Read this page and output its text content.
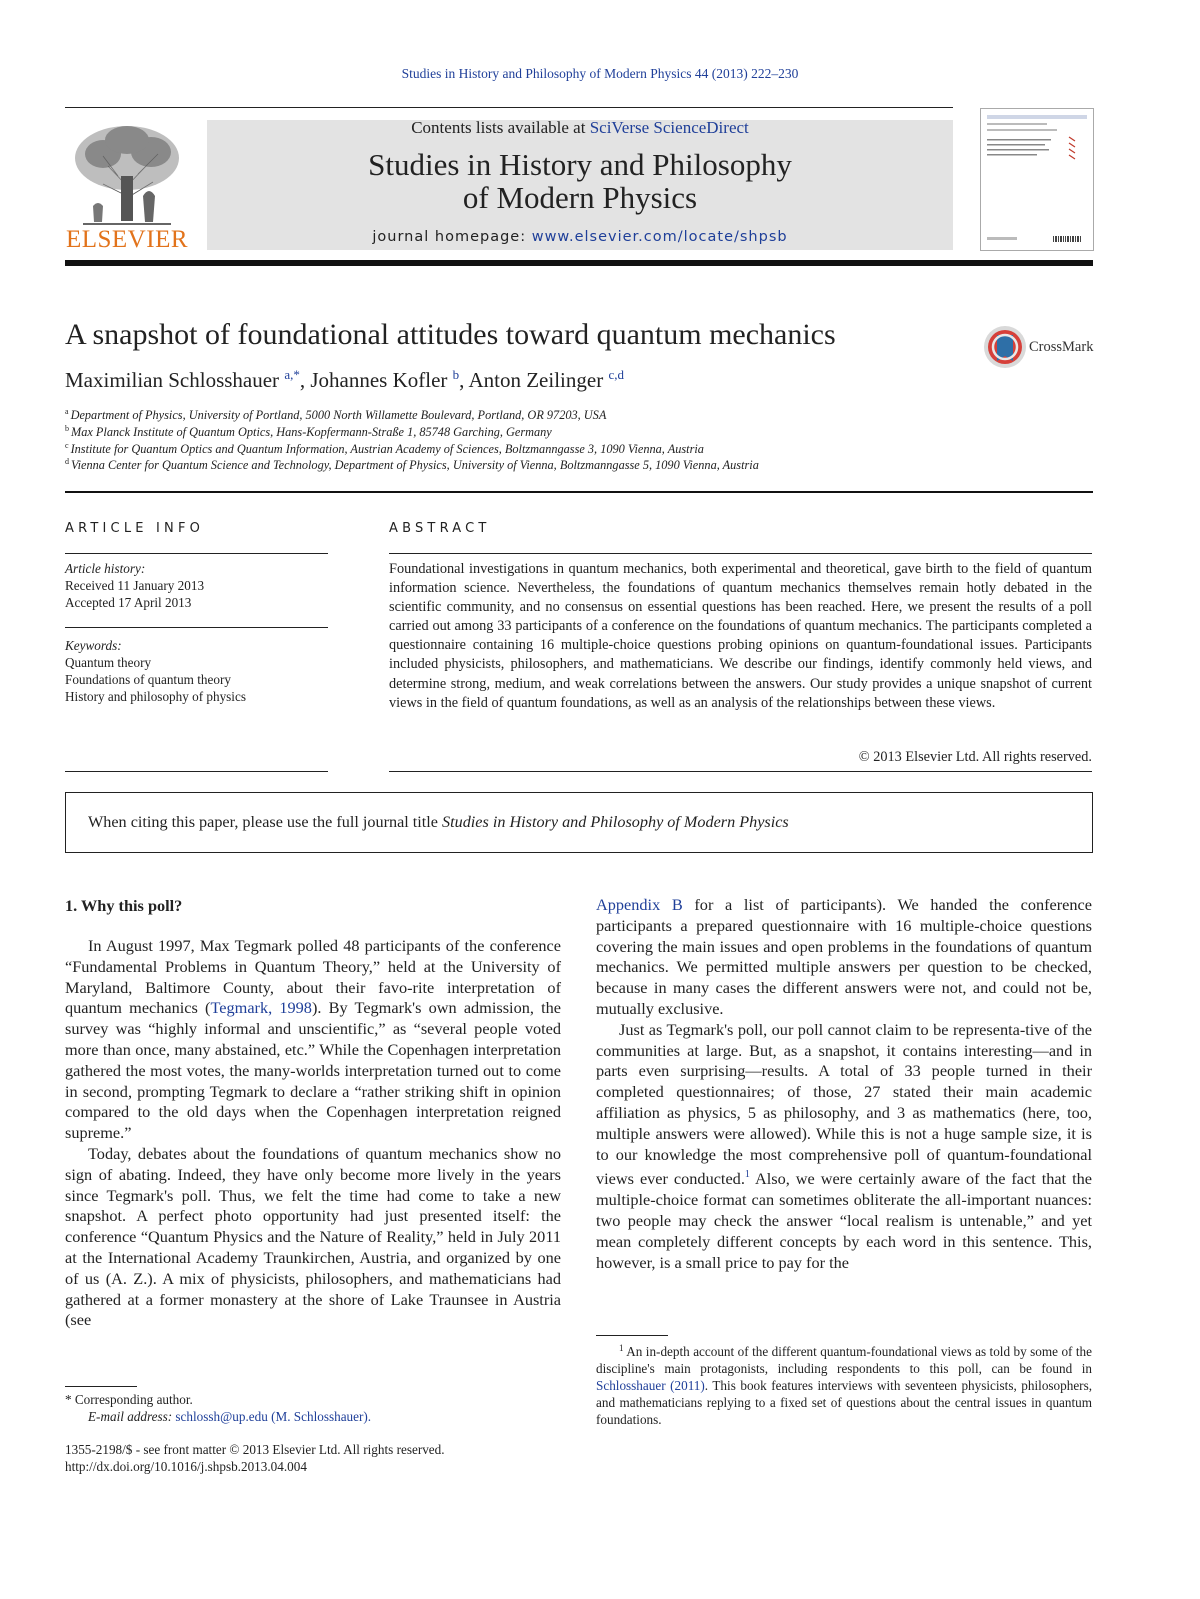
Studies in History and Philosophy of Modern Physics 44 (2013) 222–230
ELSEVIER
Contents lists available at SciVerse ScienceDirect
Studies in History and Philosophy
of Modern Physics
journal homepage: www.elsevier.com/locate/shpsb
A snapshot of foundational attitudes toward quantum mechanics	CrossMark
Maximilian Schlosshauer $^{a,*}$, Johannes Kofler $^b$, Anton Zeilinger $^{c,d}$
$^a$ Department of Physics, University of Portland, 5000 North Willamette Boulevard, Portland, OR 97203, USA
$^b$ Max Planck Institute of Quantum Optics, Hans-Kopfermann-Straße 1, 85748 Garching, Germany
$^c$ Institute for Quantum Optics and Quantum Information, Austrian Academy of Sciences, Boltzmanngasse 3, 1090 Vienna, Austria
$^d$ Vienna Center for Quantum Science and Technology, Department of Physics, University of Vienna, Boltzmanngasse 5, 1090 Vienna, Austria
ARTICLE INFO
Article history:
Received 11 January 2013
Accepted 17 April 2013
Keywords:
Quantum theory
Foundations of quantum theory
History and philosophy of physics
ABSTRACT
Foundational investigations in quantum mechanics, both experimental and theoretical, gave birth to the field of quantum information science. Nevertheless, the foundations of quantum mechanics themselves remain hotly debated in the scientific community, and no consensus on essential questions has been reached. Here, we present the results of a poll carried out among 33 participants of a conference on the foundations of quantum mechanics. The participants completed a questionnaire containing 16 multiple-choice questions probing opinions on quantum-foundational issues. Participants included physicists, philosophers, and mathematicians. We describe our findings, identify commonly held views, and determine strong, medium, and weak correlations between the answers. Our study provides a unique snapshot of current views in the field of quantum foundations, as well as an analysis of the relationships between these views.
© 2013 Elsevier Ltd. All rights reserved.
When citing this paper, please use the full journal title Studies in History and Philosophy of Modern Physics
1. Why this poll?

In August 1997, Max Tegmark polled 48 participants of the conference “Fundamental Problems in Quantum Theory,” held at the University of Maryland, Baltimore County, about their favo-rite interpretation of quantum mechanics (Tegmark, 1998). By Tegmark's own admission, the survey was “highly informal and unscientific,” as “several people voted more than once, many abstained, etc.” While the Copenhagen interpretation gathered the most votes, the many-worlds interpretation turned out to come in second, prompting Tegmark to declare a “rather striking shift in opinion compared to the old days when the Copenhagen interpretation reigned supreme.”

Today, debates about the foundations of quantum mechanics show no sign of abating. Indeed, they have only become more lively in the years since Tegmark's poll. Thus, we felt the time had come to take a new snapshot. A perfect photo opportunity had just presented itself: the conference “Quantum Physics and the Nature of Reality,” held in July 2011 at the International Academy Traunkirchen, Austria, and organized by one of us (A. Z.). A mix of physicists, philosophers, and mathematicians had gathered at a former monastery at the shore of Lake Traunsee in Austria (see

Appendix B for a list of participants). We handed the conference participants a prepared questionnaire with 16 multiple-choice questions covering the main issues and open problems in the foundations of quantum mechanics. We permitted multiple answers per question to be checked, because in many cases the different answers were not, and could not be, mutually exclusive.

Just as Tegmark's poll, our poll cannot claim to be representa-tive of the communities at large. But, as a snapshot, it contains interesting—and in parts even surprising—results. A total of 33 people turned in their completed questionnaires; of those, 27 stated their main academic affiliation as physics, 5 as philosophy, and 3 as mathematics (here, too, multiple answers were allowed). While this is not a huge sample size, it is to our knowledge the most comprehensive poll of quantum-foundational views ever conducted.$^1$ Also, we were certainly aware of the fact that the multiple-choice format can sometimes obliterate the all-important nuances: two people may check the answer “local realism is untenable,” and yet mean completely different concepts by each word in this sentence. This, however, is a small price to pay for the

* Corresponding author.
E-mail address: schlossh@up.edu (M. Schlosshauer).
$^1$ An in-depth account of the different quantum-foundational views as told by some of the discipline's main protagonists, including respondents to this poll, can be found in Schlosshauer (2011). This book features interviews with seventeen physicists, philosophers, and mathematicians replying to a fixed set of questions about the central issues in quantum foundations.
1355-2198/$ - see front matter © 2013 Elsevier Ltd. All rights reserved.
http://dx.doi.org/10.1016/j.shpsb.2013.04.004
